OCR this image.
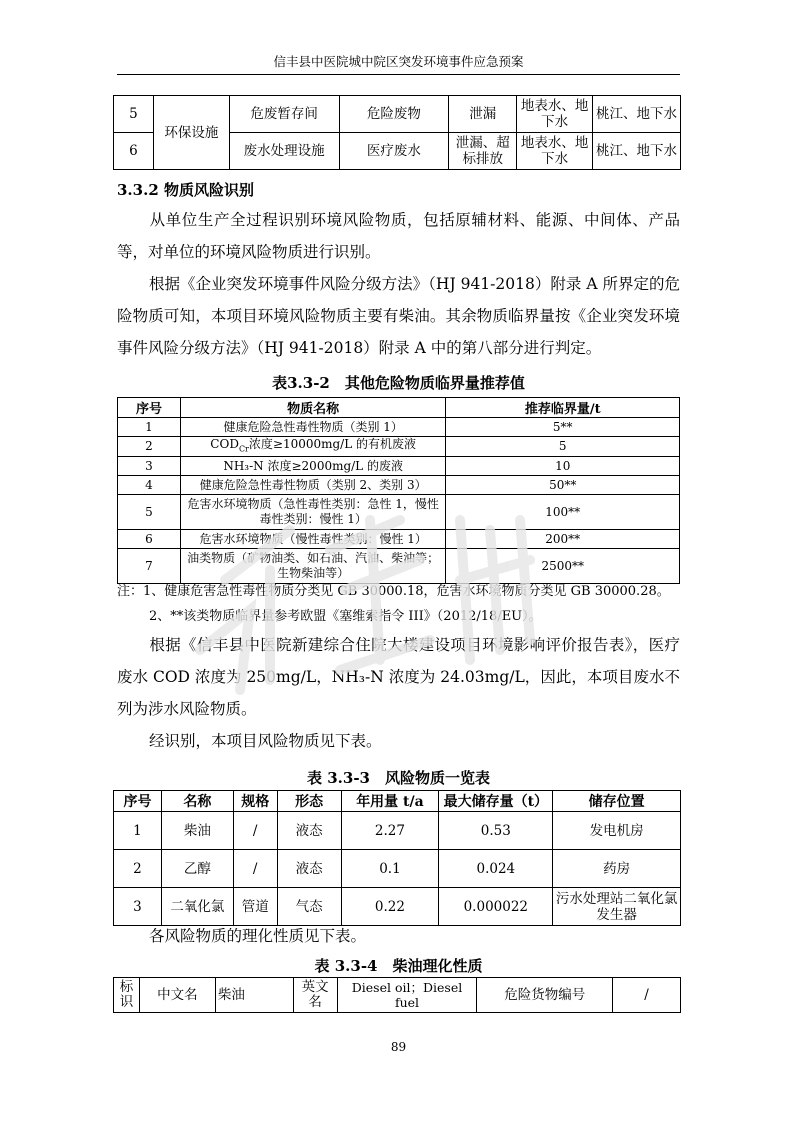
信丰县中医院城中院区突发环境事件应急预案
5	环保设施	危废暂存间	危险废物	泄漏	地表水、地下水	桃江、地下水
6		废水处理设施	医疗废水	泄漏、超标排放	地表水、地下水	桃江、地下水
3.3.2 物质风险识别

从单位生产全过程识别环境风险物质，包括原辅材料、能源、中间体、产品等，对单位的环境风险物质进行识别。

根据《企业突发环境事件风险分级方法》（HJ 941-2018）附录 A 所界定的危险物质可知，本项目环境风险物质主要有柴油。其余物质临界量按《企业突发环境事件风险分级方法》（HJ 941-2018）附录 A 中的第八部分进行判定。

表3.3-2　其他危险物质临界量推荐值
序号	物质名称	推荐临界量/t
1	健康危险急性毒性物质（类别 1）	5**
2	$COD_{Cr}$浓度≥10000mg/L 的有机废液	5
3	NH₃-N 浓度≥2000mg/L 的废液	10
4	健康危险急性毒性物质（类别 2、类别 3）	50**
5	危害水环境物质（急性毒性类别：急性 1，慢性毒性类别：慢性 1）	100**
6	危害水环境物质（慢性毒性类别：慢性 1）	200**
7	油类物质（矿物油类、如石油、汽油、柴油等；生物柴油等）	2500**
注：1、健康危害急性毒性物质分类见 GB 30000.18，危害水环境物质分类见 GB 30000.28。
2、**该类物质临界量参考欧盟《塞维索指令 III》（2012/18/EU）。

根据《信丰县中医院新建综合住院大楼建设项目环境影响评价报告表》，医疗废水 COD 浓度为 250mg/L，NH₃-N 浓度为 24.03mg/L，因此，本项目废水不列为涉水风险物质。

经识别，本项目风险物质见下表。

表 3.3-3　风险物质一览表
序号	名称	规格	形态	年用量 t/a	最大储存量（t）	储存位置
1	柴油	/	液态	2.27	0.53	发电机房
2	乙醇	/	液态	0.1	0.024	药房
3	二氧化氯	管道	气态	0.22	0.000022	污水处理站二氧化氯发生器

各风险物质的理化性质见下表。

表 3.3-4　柴油理化性质
标识	中文名	柴油	英文名	Diesel oil；Diesel fuel	危险货物编号	/
89
